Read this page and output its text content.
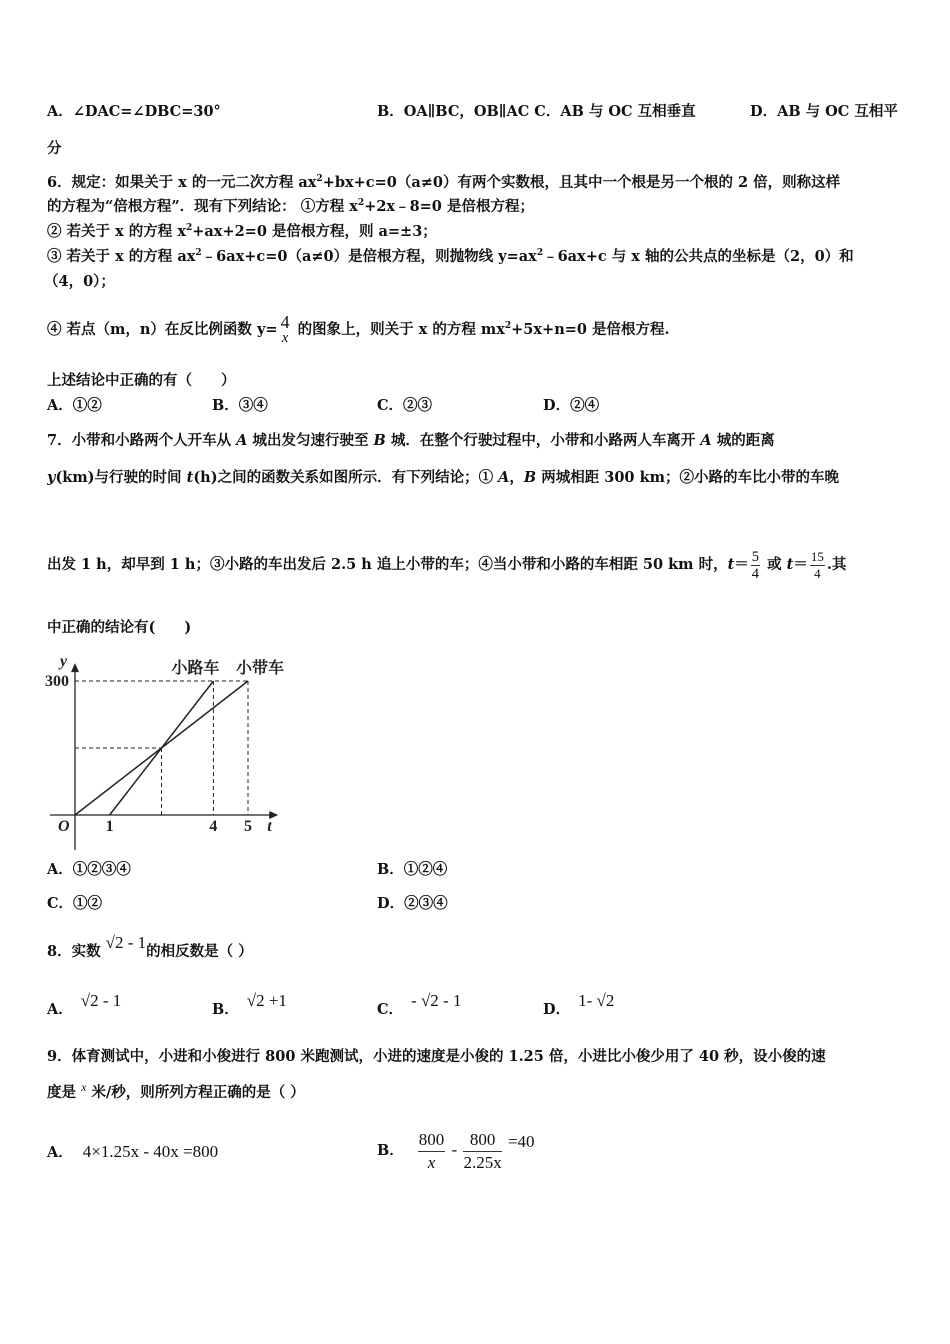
A．∠DAC=∠DBC=30°	B．OA∥BC，OB∥AC C．AB 与 OC 互相垂直	D．AB 与 OC 互相平
分
6．规定：如果关于 x 的一元二次方程 $ax^2+bx+c=0(a\ne 0)$有两个实数根，且其中一个根是另一个根的 2 倍，则称这样
的方程为“倍根方程”．现有下列结论： ①方程 $x^2+2x﹣8=0$ 是倍根方程；
② 若关于 x 的方程 $x^2+ax+2=0$ 是倍根方程，则 a=±3；
③ 若关于 x 的方程 $ax^2﹣6ax+c=0(a\ne 0)$是倍根方程，则抛物线 $y=ax^2﹣6ax+c$ 与 x 轴的公共点的坐标是（2，0）和
（4，0）；
④ 若点（m，n）在反比例函数 y= 4
x 的图象上，则关于 x 的方程 $mx^2+5x+n=0$ 是倍根方程.
上述结论中正确的有（　　）
A．①②	B．③④	C．②③	D．②④
7．小带和小路两个人开车从 A 城出发匀速行驶至 B 城．在整个行驶过程中，小带和小路两人车离开 A 城的距离
y(km)与行驶的时间 t(h)之间的函数关系如图所示．有下列结论；① A，B 两城相距 300 km；②小路的车比小带的车晚
出发 1 h，却早到 1 h；③小路的车出发后 2.5 h 追上小带的车；④当小带和小路的车相距 50 km 时，$t= \frac{5}{4}$ 或 $t= \frac{15}{4}$ .其
中正确的结论有(　　)
小路车 小带车
1	4 5
300
O	t
y
A．①②③④	B．①②④
C．①②	D．②③④
8．实数 √2 - 1的相反数是（ ）
A． √2 - 1	B． √2 +1	C． - √2 - 1	D． 1- √2
9．体育测试中，小进和小俊进行 800 米跑测试，小进的速度是小俊的 1.25 倍，小进比小俊少用了 40 秒，设小俊的速
度是 $^x$ 米/秒，则所列方程正确的是（ ）
A． 4×1.25x - 40x =800	B． $\frac{800}{x} - \frac{800}{2.25x} =40$
